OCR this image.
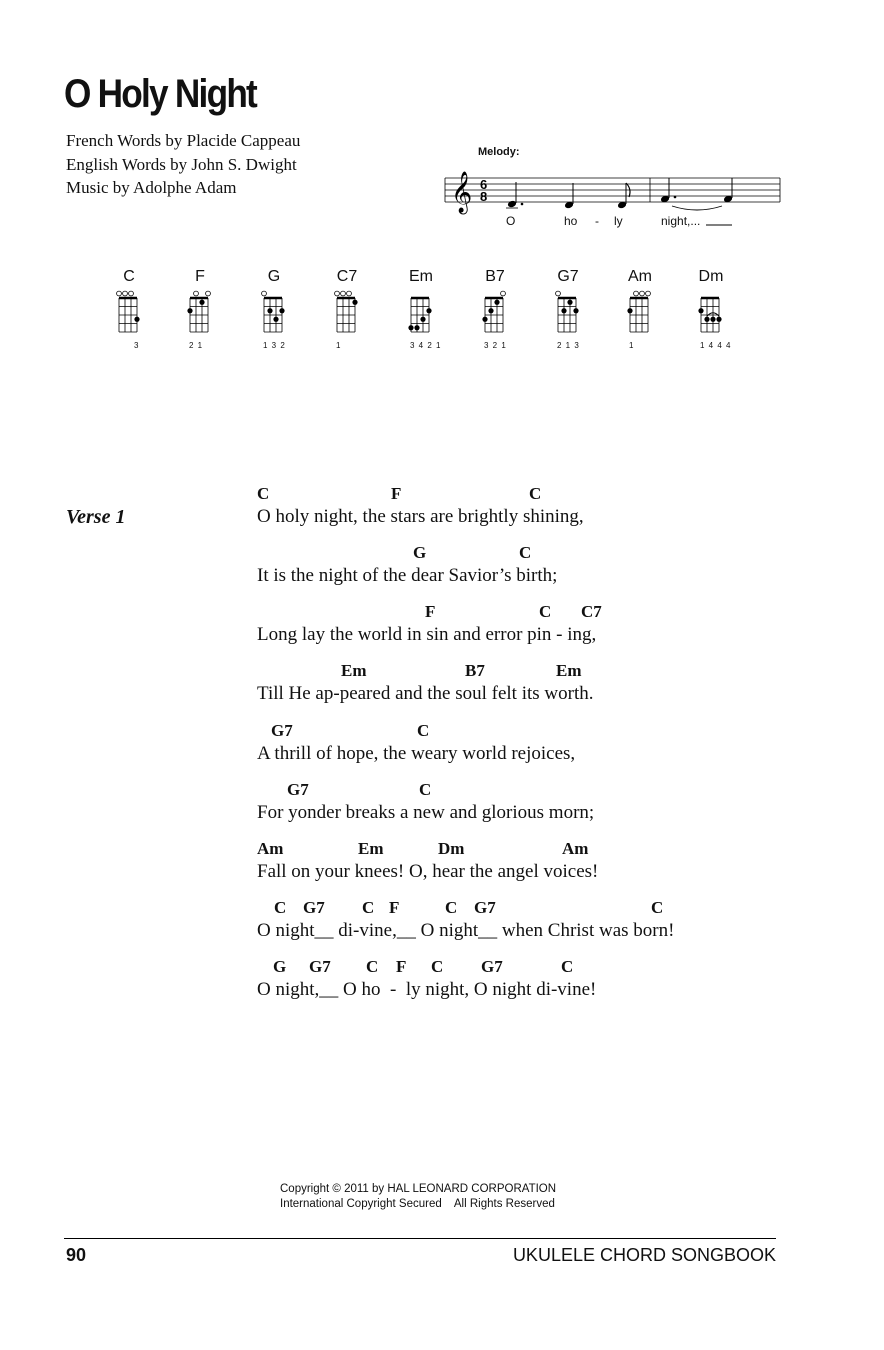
O Holy Night
French Words by Placide Cappeau
English Words by John S. Dwight
Music by Adolphe Adam
Melody:
𝄞 6
8
O	ho - ly	night,...
C
3
F
2 1
G
1 3 2
C7
1
Em
3 4 2 1
B7
3 2 1
G7
2 1 3
Am
1
Dm
1 4 4 4
Verse 1
C	F	C
O holy night, the stars are brightly shining,
G	C
It is the night of the dear Savior’s birth;
F	C C7
Long lay the world in sin and error pin - ing,
Em	B7	Em
Till He ap-peared and the soul felt its worth.
G7	C
A thrill of hope, the weary world rejoices,
G7	C
For yonder breaks a new and glorious morn;
Am	Em	Dm	Am
Fall on your knees! O, hear the angel voices!
C G7 C F	C G7	C
O night__ di-vine,__ O night__ when Christ was born!
G G7 C F C G7	C
O night,__ O ho  -  ly night, O night di-vine!
Copyright © 2011 by HAL LEONARD CORPORATION
International Copyright Secured    All Rights Reserved
90	UKULELE CHORD SONGBOOK
